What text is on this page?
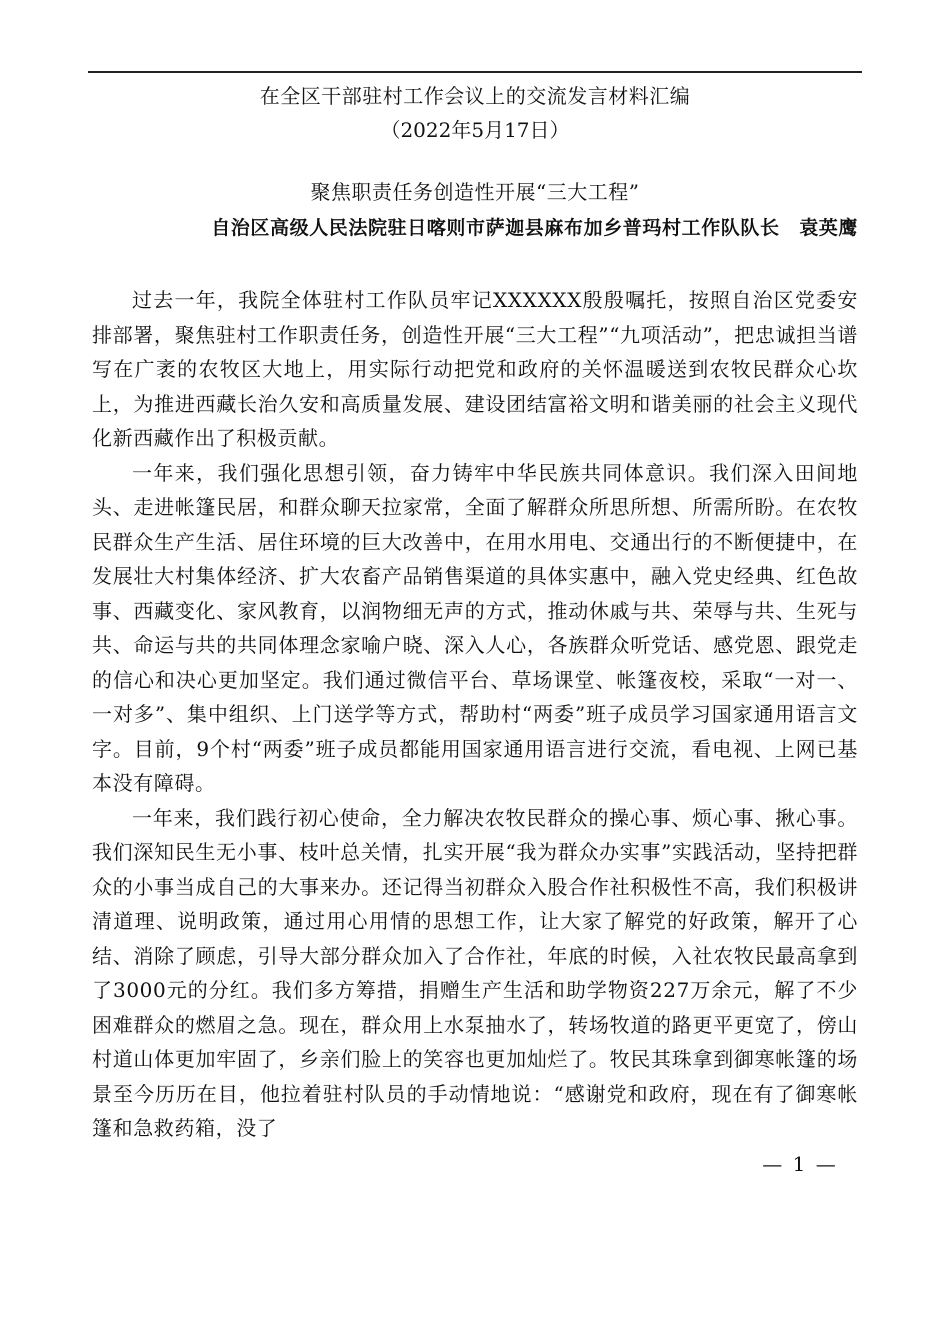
在全区干部驻村工作会议上的交流发言材料汇编
（2022年5月17日）
聚焦职责任务创造性开展“三大工程”
自治区高级人民法院驻日喀则市萨迦县麻布加乡普玛村工作队队长　袁英鹰

过去一年，我院全体驻村工作队员牢记XXXXXX殷殷嘱托，按照自治区党委安排部署，聚焦驻村工作职责任务，创造性开展“三大工程”“九项活动”，把忠诚担当谱写在广袤的农牧区大地上，用实际行动把党和政府的关怀温暖送到农牧民群众心坎上，为推进西藏长治久安和高质量发展、建设团结富裕文明和谐美丽的社会主义现代化新西藏作出了积极贡献。

一年来，我们强化思想引领，奋力铸牢中华民族共同体意识。我们深入田间地头、走进帐篷民居，和群众聊天拉家常，全面了解群众所思所想、所需所盼。在农牧民群众生产生活、居住环境的巨大改善中，在用水用电、交通出行的不断便捷中，在发展壮大村集体经济、扩大农畜产品销售渠道的具体实惠中，融入党史经典、红色故事、西藏变化、家风教育，以润物细无声的方式，推动休戚与共、荣辱与共、生死与共、命运与共的共同体理念家喻户晓、深入人心，各族群众听党话、感党恩、跟党走的信心和决心更加坚定。我们通过微信平台、草场课堂、帐篷夜校，采取“一对一、一对多”、集中组织、上门送学等方式，帮助村“两委”班子成员学习国家通用语言文字。目前，9个村“两委”班子成员都能用国家通用语言进行交流，看电视、上网已基本没有障碍。

一年来，我们践行初心使命，全力解决农牧民群众的操心事、烦心事、揪心事。我们深知民生无小事、枝叶总关情，扎实开展“我为群众办实事”实践活动，坚持把群众的小事当成自己的大事来办。还记得当初群众入股合作社积极性不高，我们积极讲清道理、说明政策，通过用心用情的思想工作，让大家了解党的好政策，解开了心结、消除了顾虑，引导大部分群众加入了合作社，年底的时候，入社农牧民最高拿到了3000元的分红。我们多方筹措，捐赠生产生活和助学物资227万余元，解了不少困难群众的燃眉之急。现在，群众用上水泵抽水了，转场牧道的路更平更宽了，傍山村道山体更加牢固了，乡亲们脸上的笑容也更加灿烂了。牧民其珠拿到御寒帐篷的场景至今历历在目，他拉着驻村队员的手动情地说：“感谢党和政府，现在有了御寒帐篷和急救药箱，没了

— 1 —
